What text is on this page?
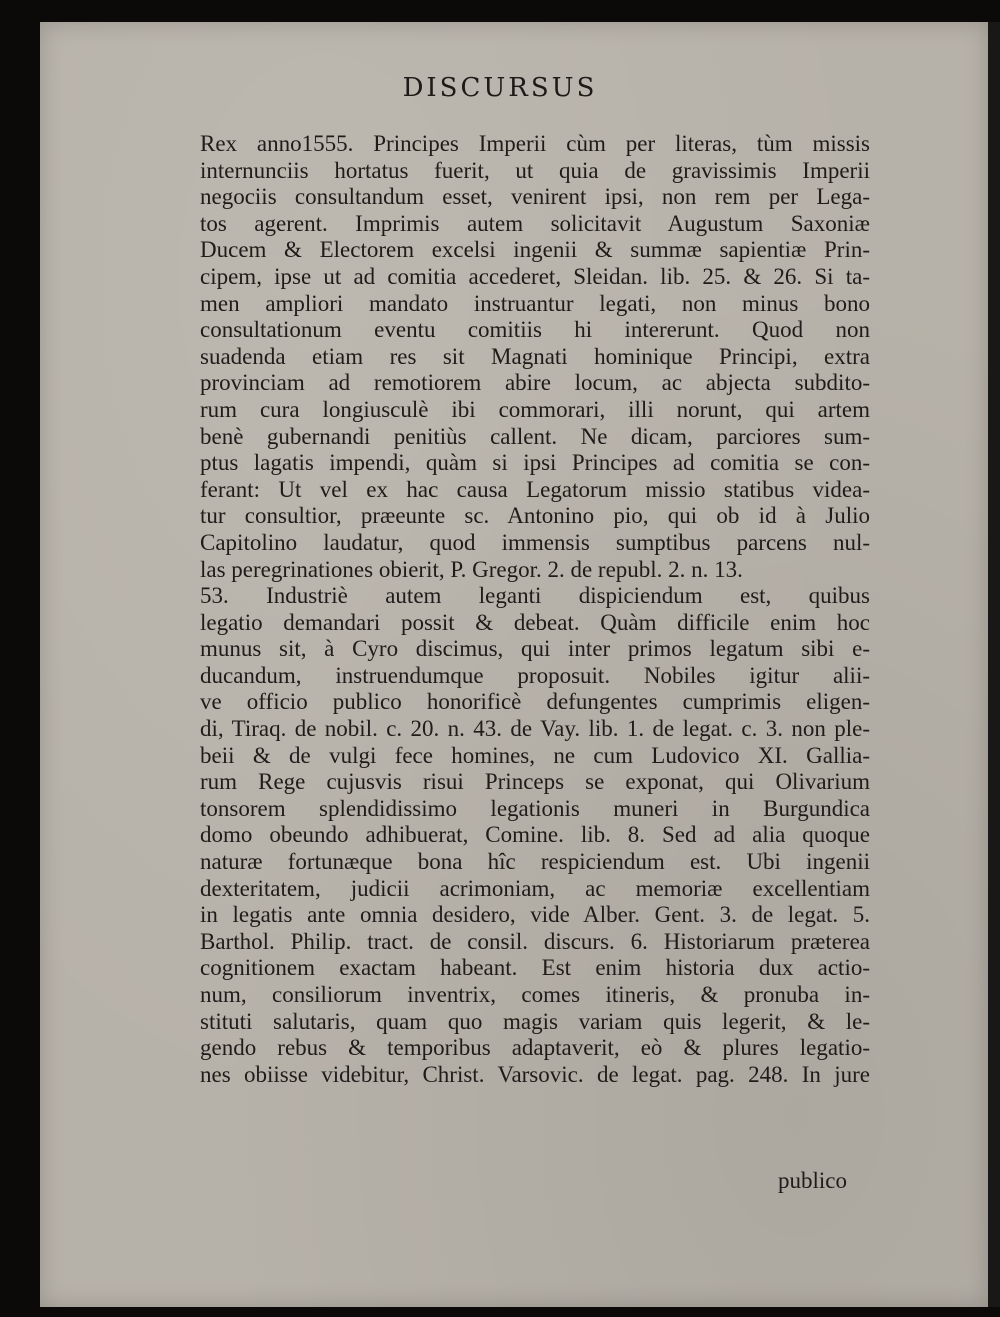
DISCURSUS
Rex anno1555. Principes Imperii cùm per literas, tùm missis
internunciis hortatus fuerit, ut quia de gravissimis Imperii
negociis consultandum esset, venirent ipsi, non rem per Lega-
tos agerent. Imprimis autem solicitavit Augustum Saxoniæ
Ducem & Electorem excelsi ingenii & summæ sapientiæ Prin-
cipem, ipse ut ad comitia accederet, Sleidan. lib. 25. & 26. Si ta-
men ampliori mandato instruantur legati, non minus bono
consultationum eventu comitiis hi intererunt. Quod non
suadenda etiam res sit Magnati hominique Principi, extra
provinciam ad remotiorem abire locum, ac abjecta subdito-
rum cura longiusculè ibi commorari, illi norunt, qui artem
benè gubernandi penitiùs callent. Ne dicam, parciores sum-
ptus lagatis impendi, quàm si ipsi Principes ad comitia se con-
ferant: Ut vel ex hac causa Legatorum missio statibus videa-
tur consultior, præeunte sc. Antonino pio, qui ob id à Julio
Capitolino laudatur, quod immensis sumptibus parcens nul-
las peregrinationes obierit, P. Gregor. 2. de republ. 2. n. 13.
53. Industriè autem leganti dispiciendum est, quibus
legatio demandari possit & debeat. Quàm difficile enim hoc
munus sit, à Cyro discimus, qui inter primos legatum sibi e-
ducandum, instruendumque proposuit. Nobiles igitur alii-
ve officio publico honorificè defungentes cumprimis eligen-
di, Tiraq. de nobil. c. 20. n. 43. de Vay. lib. 1. de legat. c. 3. non ple-
beii & de vulgi fece homines, ne cum Ludovico XI. Gallia-
rum Rege cujusvis risui Princeps se exponat, qui Olivarium
tonsorem splendidissimo legationis muneri in Burgundica
domo obeundo adhibuerat, Comine. lib. 8. Sed ad alia quoque
naturæ fortunæque bona hîc respiciendum est. Ubi ingenii
dexteritatem, judicii acrimoniam, ac memoriæ excellentiam
in legatis ante omnia desidero, vide Alber. Gent. 3. de legat. 5.
Barthol. Philip. tract. de consil. discurs. 6. Historiarum præterea
cognitionem exactam habeant. Est enim historia dux actio-
num, consiliorum inventrix, comes itineris, & pronuba in-
stituti salutaris, quam quo magis variam quis legerit, & le-
gendo rebus & temporibus adaptaverit, eò & plures legatio-
nes obiisse videbitur, Christ. Varsovic. de legat. pag. 248. In jure
publico
